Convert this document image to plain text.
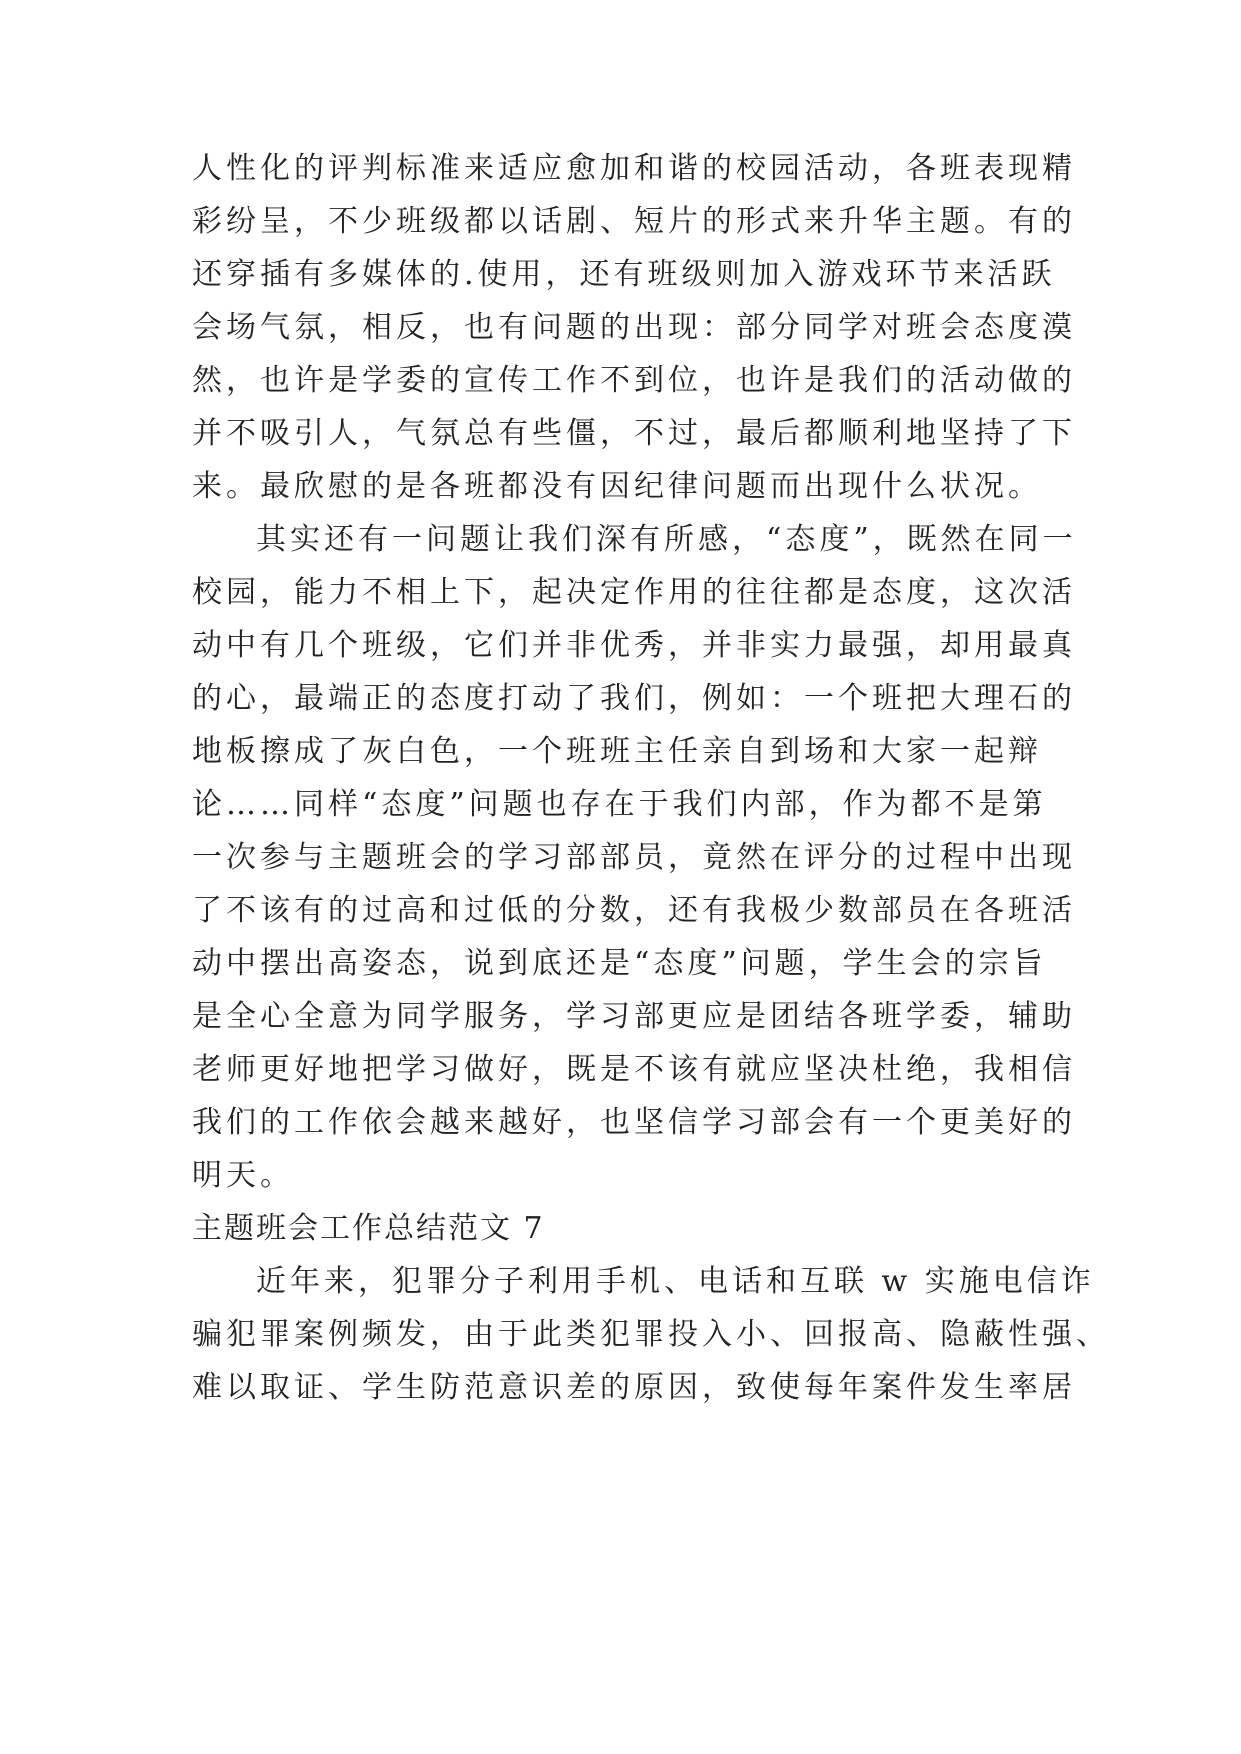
人性化的评判标准来适应愈加和谐的校园活动，各班表现精
彩纷呈，不少班级都以话剧、短片的形式来升华主题。有的
还穿插有多媒体的.使用，还有班级则加入游戏环节来活跃
会场气氛，相反，也有问题的出现：部分同学对班会态度漠
然，也许是学委的宣传工作不到位，也许是我们的活动做的
并不吸引人，气氛总有些僵，不过，最后都顺利地坚持了下
来。最欣慰的是各班都没有因纪律问题而出现什么状况。
其实还有一问题让我们深有所感，“态度”，既然在同一
校园，能力不相上下，起决定作用的往往都是态度，这次活
动中有几个班级，它们并非优秀，并非实力最强，却用最真
的心，最端正的态度打动了我们，例如：一个班把大理石的
地板擦成了灰白色，一个班班主任亲自到场和大家一起辩
论……同样“态度”问题也存在于我们内部，作为都不是第
一次参与主题班会的学习部部员，竟然在评分的过程中出现
了不该有的过高和过低的分数，还有我极少数部员在各班活
动中摆出高姿态，说到底还是“态度”问题，学生会的宗旨
是全心全意为同学服务，学习部更应是团结各班学委，辅助
老师更好地把学习做好，既是不该有就应坚决杜绝，我相信
我们的工作依会越来越好，也坚信学习部会有一个更美好的
明天。
主题班会工作总结范文 7
近年来，犯罪分子利用手机、电话和互联 w 实施电信诈
骗犯罪案例频发，由于此类犯罪投入小、回报高、隐蔽性强、
难以取证、学生防范意识差的原因，致使每年案件发生率居
